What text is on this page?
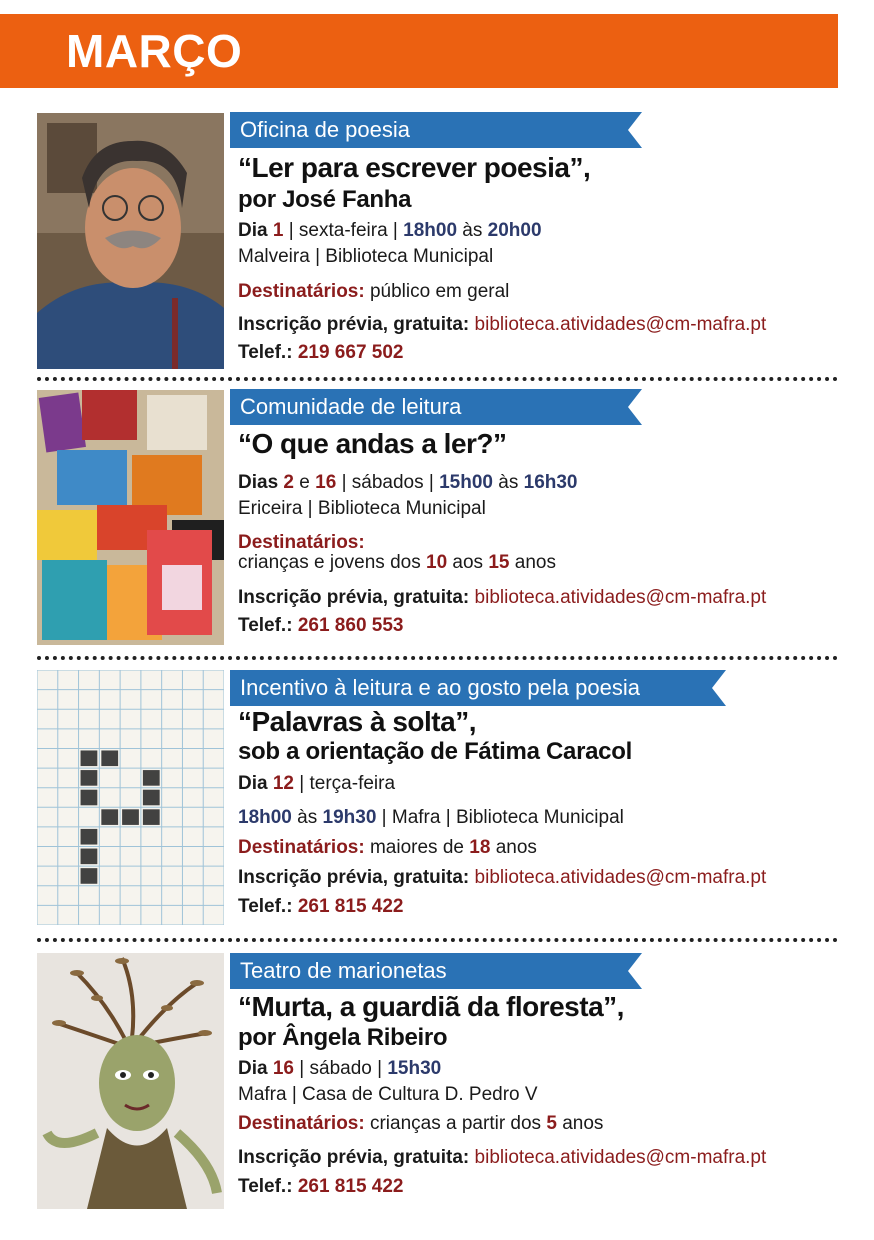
MARÇO
Oficina de poesia
“Ler para escrever poesia”,
por José Fanha
Dia 1 | sexta-feira | 18h00 às 20h00
Malveira | Biblioteca Municipal
Destinatários: público em geral
Inscrição prévia, gratuita: biblioteca.atividades@cm-mafra.pt
Telef.: 219 667 502
Comunidade de leitura
“O que andas a ler?”
Dias 2 e 16 | sábados | 15h00 às 16h30
Ericeira | Biblioteca Municipal
Destinatários:
crianças e jovens dos 10 aos 15 anos
Inscrição prévia, gratuita: biblioteca.atividades@cm-mafra.pt
Telef.: 261 860 553
Incentivo à leitura e ao gosto pela poesia
“Palavras à solta”,
sob a orientação de Fátima Caracol
Dia 12 | terça-feira
18h00 às 19h30 | Mafra | Biblioteca Municipal
Destinatários: maiores de 18 anos
Inscrição prévia, gratuita: biblioteca.atividades@cm-mafra.pt
Telef.: 261 815 422
Teatro de marionetas
“Murta, a guardiã da floresta”,
por Ângela Ribeiro
Dia 16 | sábado | 15h30
Mafra | Casa de Cultura D. Pedro V
Destinatários: crianças a partir dos 5 anos
Inscrição prévia, gratuita: biblioteca.atividades@cm-mafra.pt
Telef.: 261 815 422
